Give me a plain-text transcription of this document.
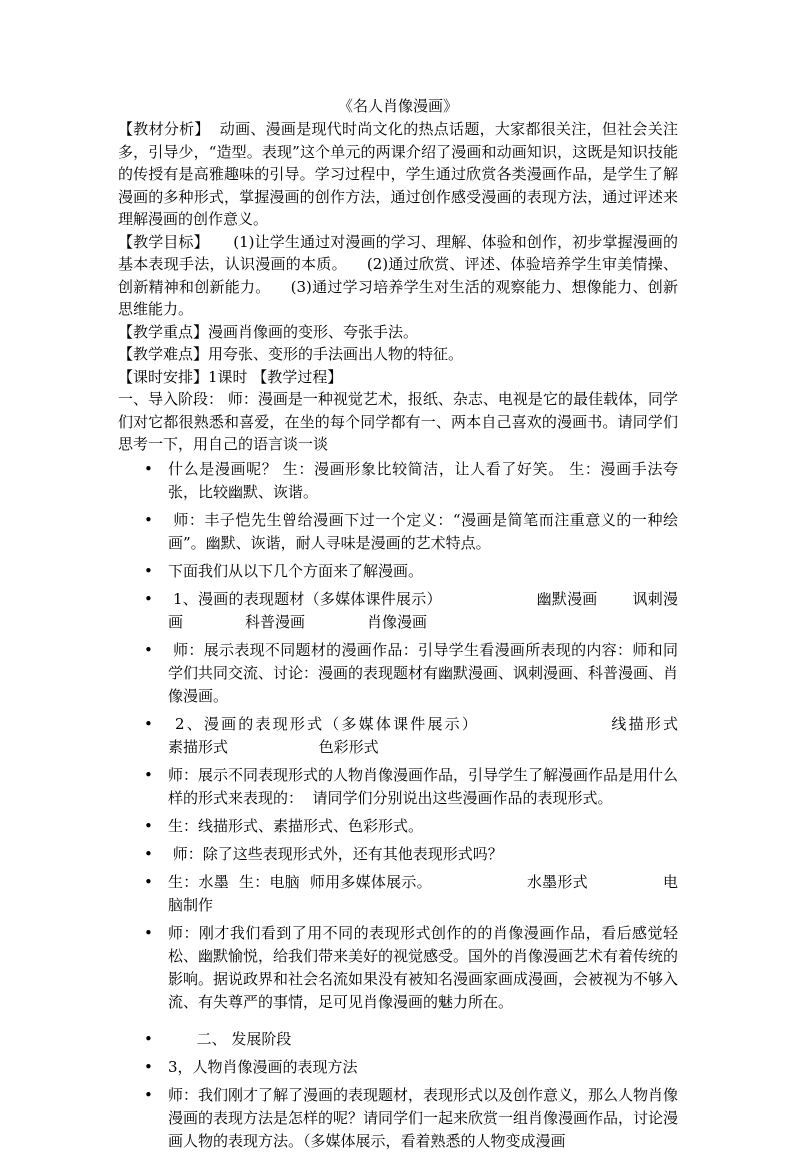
《名人肖像漫画》

【教材分析】  动画、漫画是现代时尚文化的热点话题，大家都很关注，但社会关注多，引导少，“造型。表现”这个单元的两课介绍了漫画和动画知识，这既是知识技能的传授有是高雅趣味的引导。学习过程中，学生通过欣赏各类漫画作品，是学生了解漫画的多种形式，掌握漫画的创作方法，通过创作感受漫画的表现方法，通过评述来理解漫画的创作意义。

【教学目标】     (1)让学生通过对漫画的学习、理解、体验和创作，初步掌握漫画的基本表现手法，认识漫画的本质。    (2)通过欣赏、评述、体验培养学生审美情操、创新精神和创新能力。    (3)通过学习培养学生对生活的观察能力、想像能力、创新思维能力。

【教学重点】漫画肖像画的变形、夸张手法。

【教学难点】用夸张、变形的手法画出人物的特征。

【课时安排】1课时 【教学过程】

一、导入阶段： 师：漫画是一种视觉艺术，报纸、杂志、电视是它的最佳载体，同学们对它都很熟悉和喜爱，在坐的每个同学都有一、两本自己喜欢的漫画书。请同学们思考一下，用自己的语言谈一谈

• 什么是漫画呢？ 生：漫画形象比较简洁，让人看了好笑。 生：漫画手法夸张，比较幽默、诙谐。
• 师：丰子恺先生曾给漫画下过一个定义：“漫画是简笔而注重意义的一种绘画”。幽默、诙谐，耐人寻味是漫画的艺术特点。
• 下面我们从以下几个方面来了解漫画。
• 1、漫画的表现题材（多媒体课件展示）                   幽默漫画       讽刺漫画             科普漫画             肖像漫画
• 师：展示表现不同题材的漫画作品：引导学生看漫画所表现的内容：师和同学们共同交流、讨论：漫画的表现题材有幽默漫画、讽刺漫画、科普漫画、肖像漫画。
• 2、漫画的表现形式（多媒体课件展示）                   线描形式                   素描形式                   色彩形式
• 师：展示不同表现形式的人物肖像漫画作品，引导学生了解漫画作品是用什么样的形式来表现的：  请同学们分别说出这些漫画作品的表现形式。
• 生：线描形式、素描形式、色彩形式。
• 师：除了这些表现形式外，还有其他表现形式吗？
• 生：水墨  生：电脑  师用多媒体展示。                   水墨形式               电脑制作
• 师：刚才我们看到了用不同的表现形式创作的的肖像漫画作品，看后感觉轻松、幽默愉悦，给我们带来美好的视觉感受。国外的肖像漫画艺术有着传统的影响。据说政界和社会名流如果没有被知名漫画家画成漫画，会被视为不够入流、有失尊严的事情，足可见肖像漫画的魅力所在。
• 二、 发展阶段
• 3，人物肖像漫画的表现方法
• 师：我们刚才了解了漫画的表现题材，表现形式以及创作意义，那么人物肖像漫画的表现方法是怎样的呢？请同学们一起来欣赏一组肖像漫画作品，讨论漫画人物的表现方法。（多媒体展示，看着熟悉的人物变成漫画
